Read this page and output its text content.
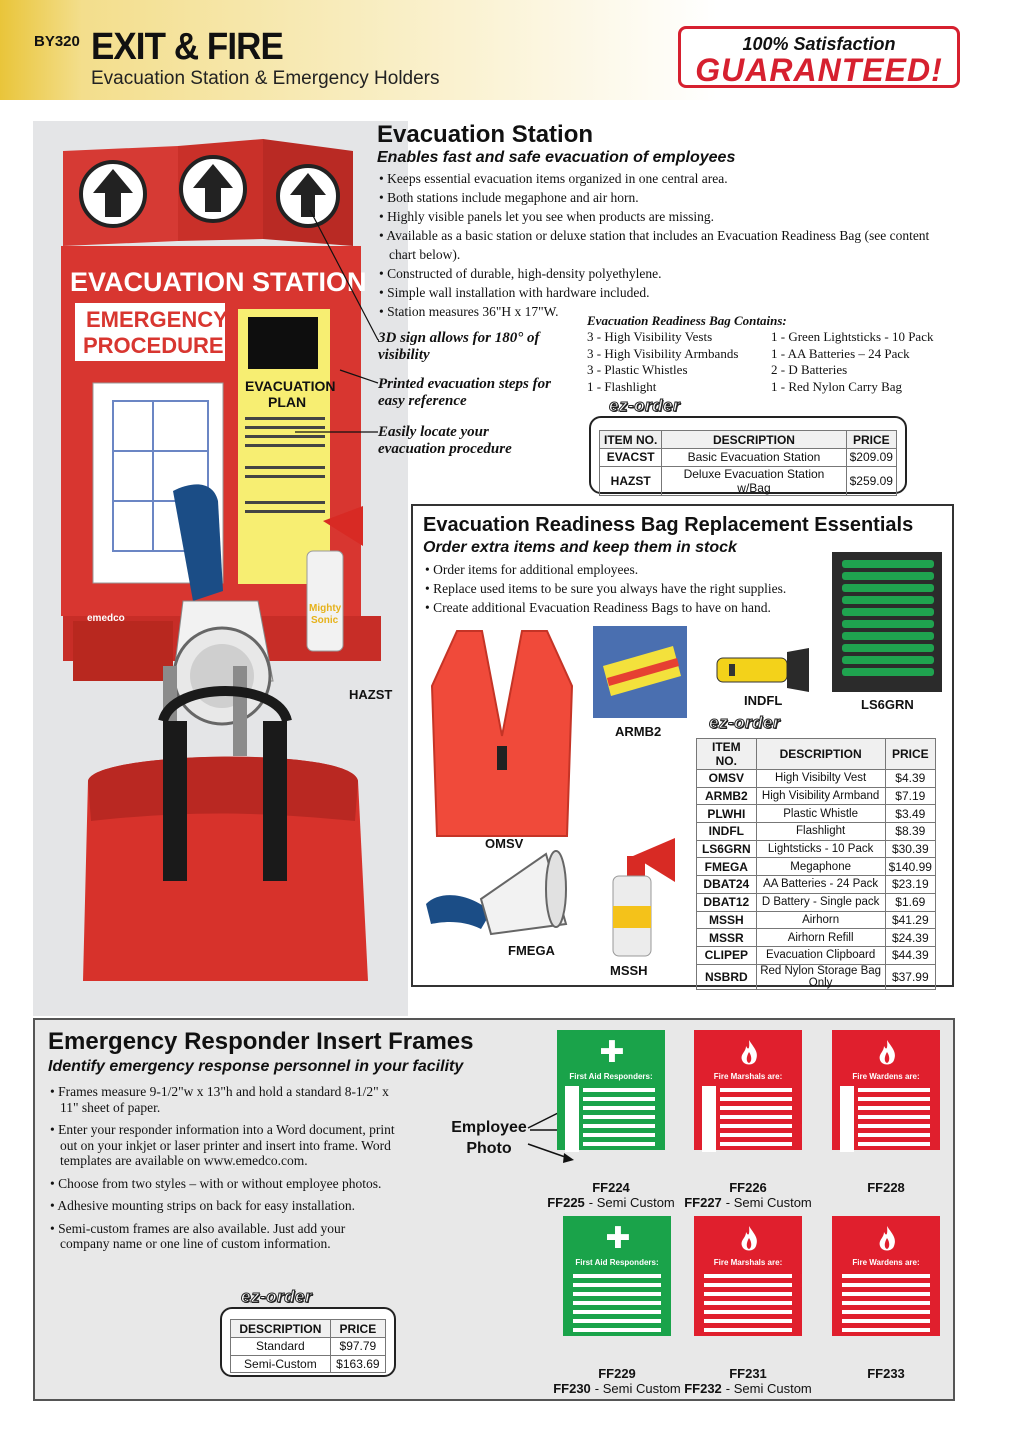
BY320 EXIT & FIRE
Evacuation Station & Emergency Holders
100% Satisfaction
GUARANTEED!
EVACUATION STATION
EMERGENCY
PROCEDURE
EVACUATION
PLAN
emedco
Mighty
Sonic
HAZST
Evacuation Station
Enables fast and safe evacuation of employees
• Keeps essential evacuation items organized in one central area.
• Both stations include megaphone and air horn.
• Highly visible panels let you see when products are missing.
• Available as a basic station or deluxe station that includes an Evacuation Readiness Bag (see content chart below).
• Constructed of durable, high-density polyethylene.
• Simple wall installation with hardware included.
• Station measures 36"H x 17"W.
3D sign allows for 180° of visibility
Printed evacuation steps for easy reference
Easily locate your evacuation procedure
Evacuation Readiness Bag Contains:
3 - High Visibility Vests
3 - High Visibility Armbands
3 - Plastic Whistles
1 - Flashlight
1 - Green Lightsticks - 10 Pack
1 - AA Batteries – 24 Pack
2 - D Batteries
1 - Red Nylon Carry Bag
ITEM NO.	DESCRIPTION	PRICE
EVACST	Basic Evacuation Station	$209.09
HAZST	Deluxe Evacuation Station w/Bag	$259.09
ez-order
Evacuation Readiness Bag Replacement Essentials
Order extra items and keep them in stock
• Order items for additional employees.
• Replace used items to be sure you always have the right supplies.
• Create additional Evacuation Readiness Bags to have on hand.
LS6GRN
OMSV
ARMB2
INDFL
FMEGA
MSSH
ez-order
ITEM NO.	DESCRIPTION	PRICE
OMSV	High Visibilty Vest	$4.39
ARMB2	High Visibility Armband	$7.19
PLWHI	Plastic Whistle	$3.49
INDFL	Flashlight	$8.39
LS6GRN	Lightsticks - 10 Pack	$30.39
FMEGA	Megaphone	$140.99
DBAT24	AA Batteries - 24 Pack	$23.19
DBAT12	D Battery - Single pack	$1.69
MSSH	Airhorn	$41.29
MSSR	Airhorn Refill	$24.39
CLIPEP	Evacuation Clipboard	$44.39
NSBRD	Red Nylon Storage Bag Only	$37.99
Emergency Responder Insert Frames
Identify emergency response personnel in your facility
• Frames measure 9-1/2"w x 13"h and hold a standard 8-1/2" x 11" sheet of paper.
• Enter your responder information into a Word document, print out on your inkjet or laser printer and insert into frame. Word templates are available on www.emedco.com.
• Choose from two styles – with or without employee photos.
• Adhesive mounting strips on back for easy installation.
• Semi-custom frames are also available. Just add your company name or one line of custom information.
Employee Photo
ez-order
DESCRIPTION	PRICE
Standard	$97.79
Semi-Custom	$163.69
✚
First Aid Responders:
FF224
FF225 - Semi Custom
Fire Marshals are:
FF226
FF227 - Semi Custom
Fire Wardens are:
FF228
✚
First Aid Responders:
FF229
FF230 - Semi Custom
Fire Marshals are:
FF231
FF232 - Semi Custom
Fire Wardens are:
FF233
